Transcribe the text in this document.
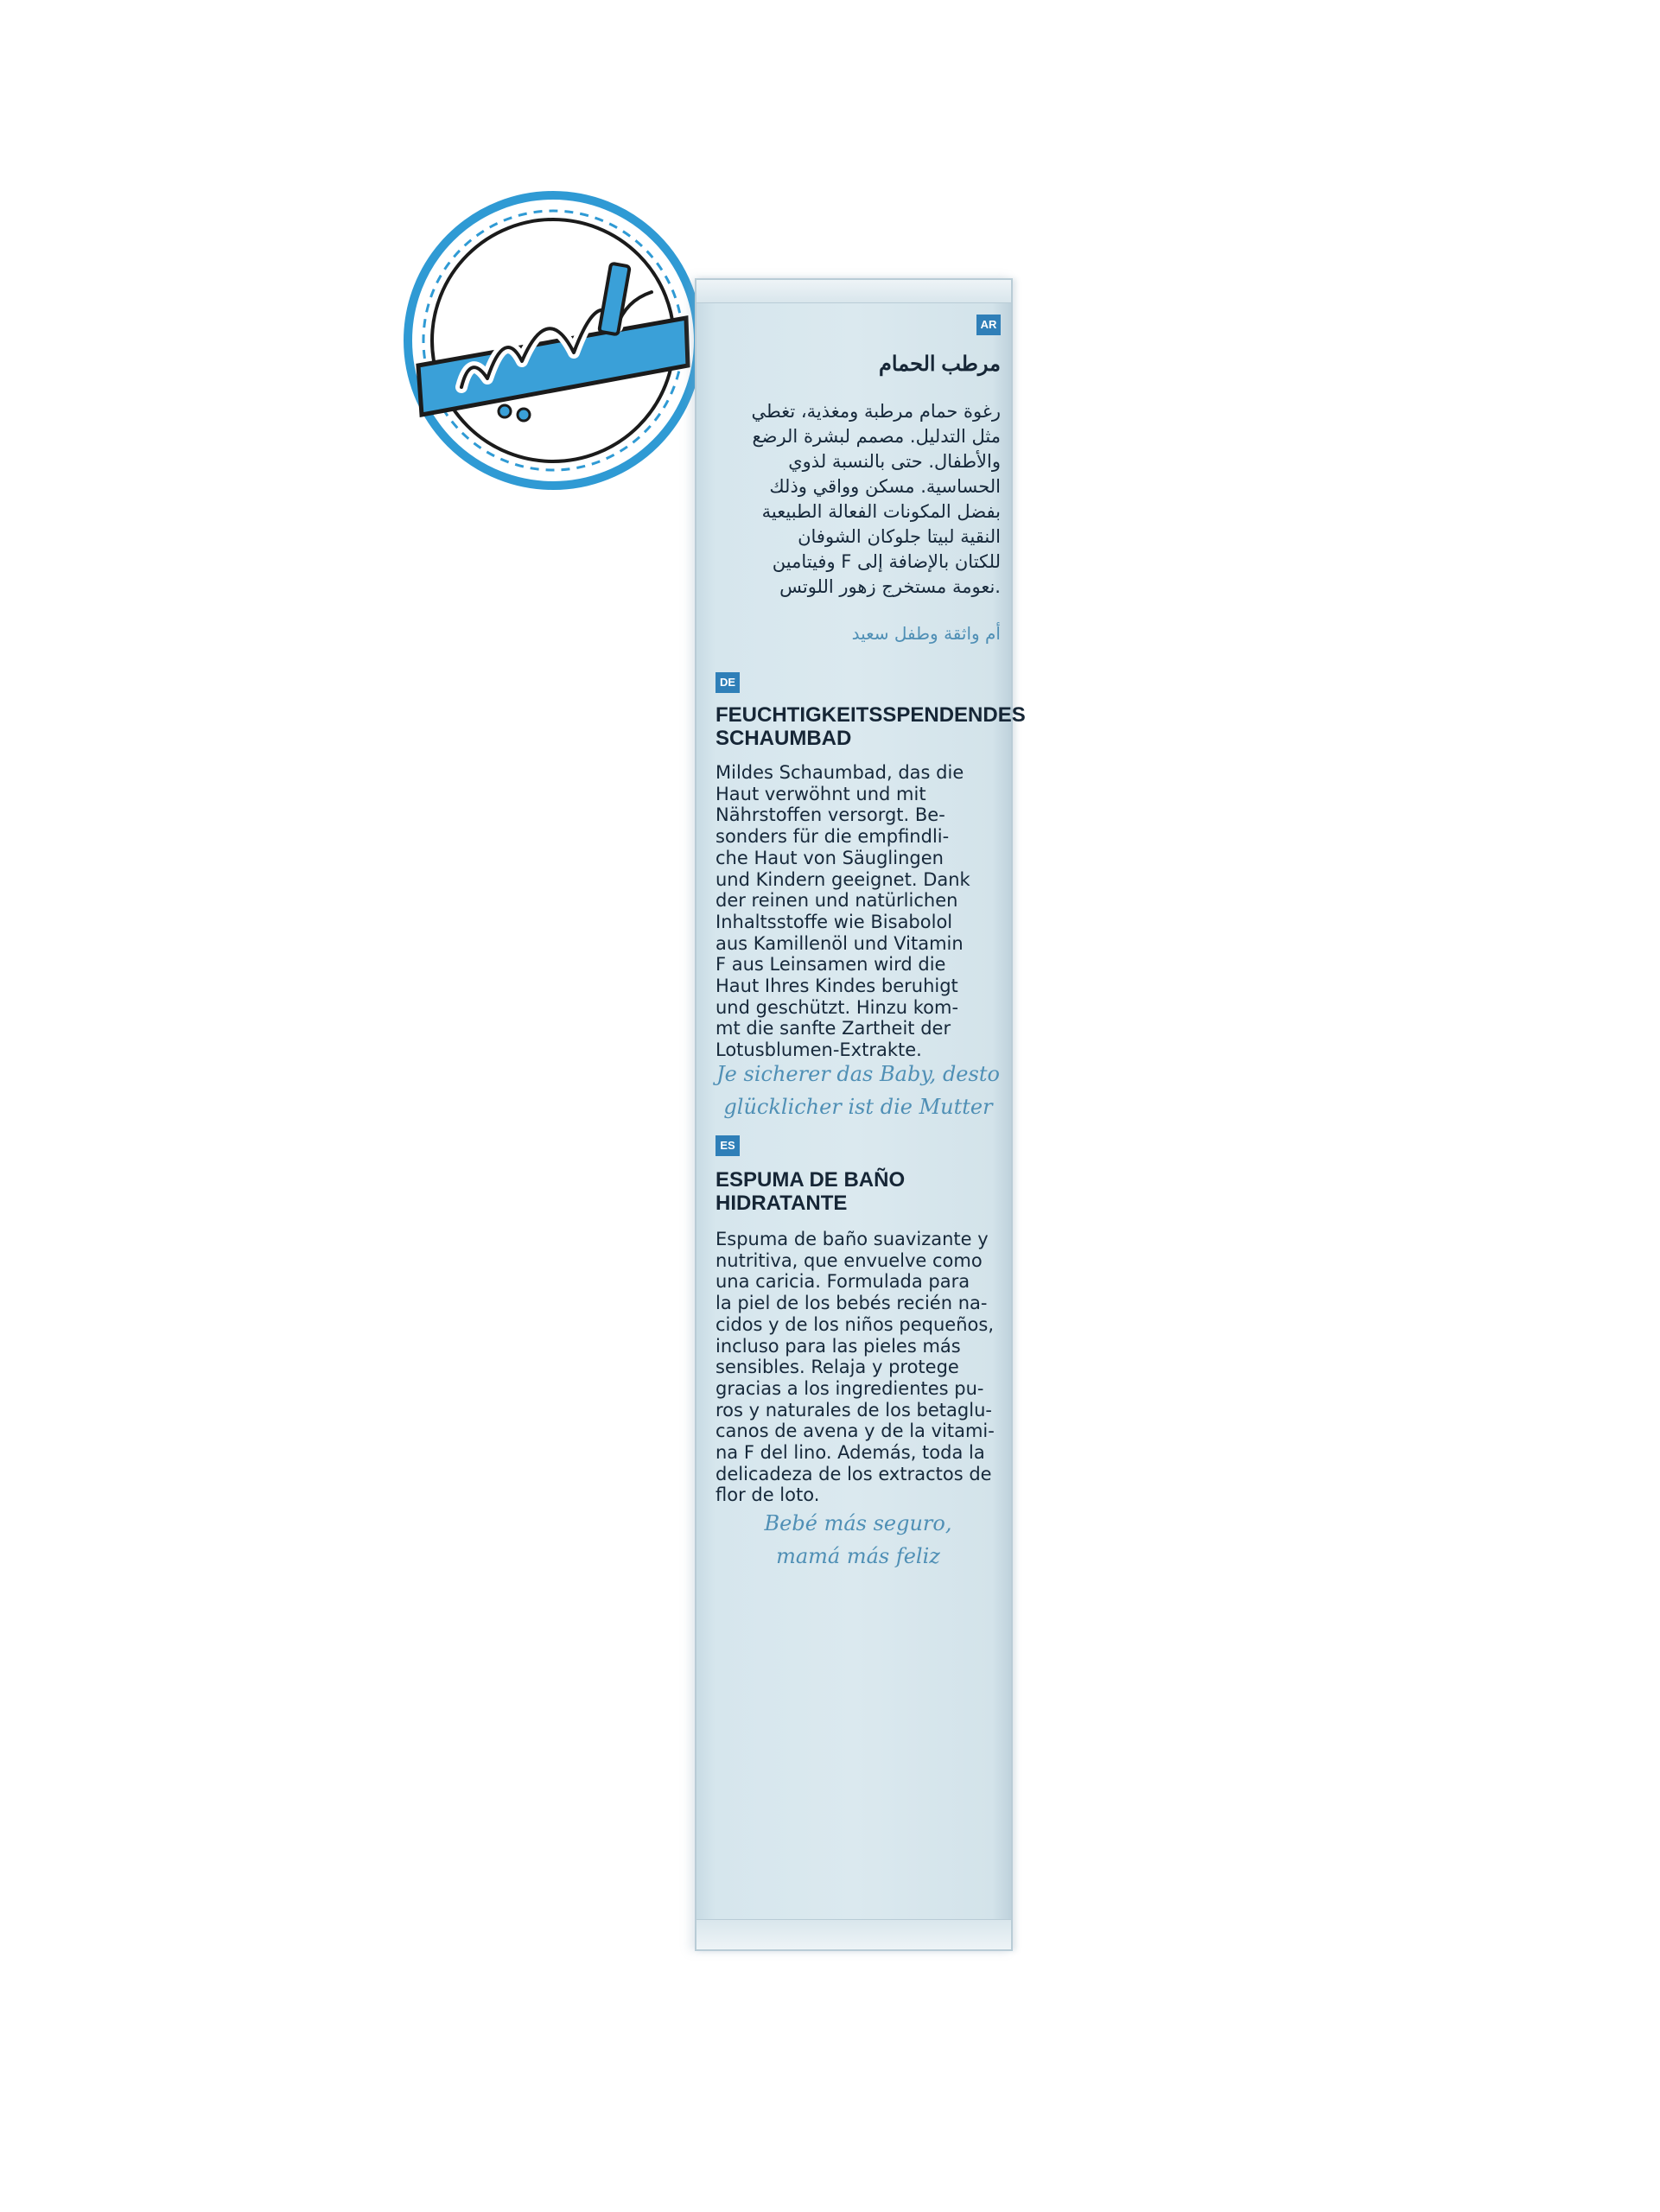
AR
مرطب الحمام
رغوة حمام مرطبة ومغذية، تغطي
مثل التدليل. مصمم لبشرة الرضع
والأطفال. حتى بالنسبة لذوي
الحساسية. مسكن وواقي وذلك
بفضل المكونات الفعالة الطبيعية
النقية لبيتا جلوكان الشوفان
للكتان بالإضافة إلى F وفيتامين
.نعومة مستخرج زهور اللوتس
أم واثقة وطفل سعيد
DE
FEUCHTIGKEITSSPENDENDES
SCHAUMBAD
Mildes Schaumbad, das die
Haut verwöhnt und mit
Nährstoffen versorgt. Be-
sonders für die empfindli-
che Haut von Säuglingen
und Kindern geeignet. Dank
der reinen und natürlichen
Inhaltsstoffe wie Bisabolol
aus Kamillenöl und Vitamin
F aus Leinsamen wird die
Haut Ihres Kindes beruhigt
und geschützt. Hinzu kom-
mt die sanfte Zartheit der
Lotusblumen-Extrakte.
Je sicherer das Baby, desto
glücklicher ist die Mutter
ES
ESPUMA DE BAÑO
HIDRATANTE
Espuma de baño suavizante y
nutritiva, que envuelve como
una caricia. Formulada para
la piel de los bebés recién na-
cidos y de los niños pequeños,
incluso para las pieles más
sensibles. Relaja y protege
gracias a los ingredientes pu-
ros y naturales de los betaglu-
canos de avena y de la vitami-
na F del lino. Además, toda la
delicadeza de los extractos de
flor de loto.
Bebé más seguro,
mamá más feliz
